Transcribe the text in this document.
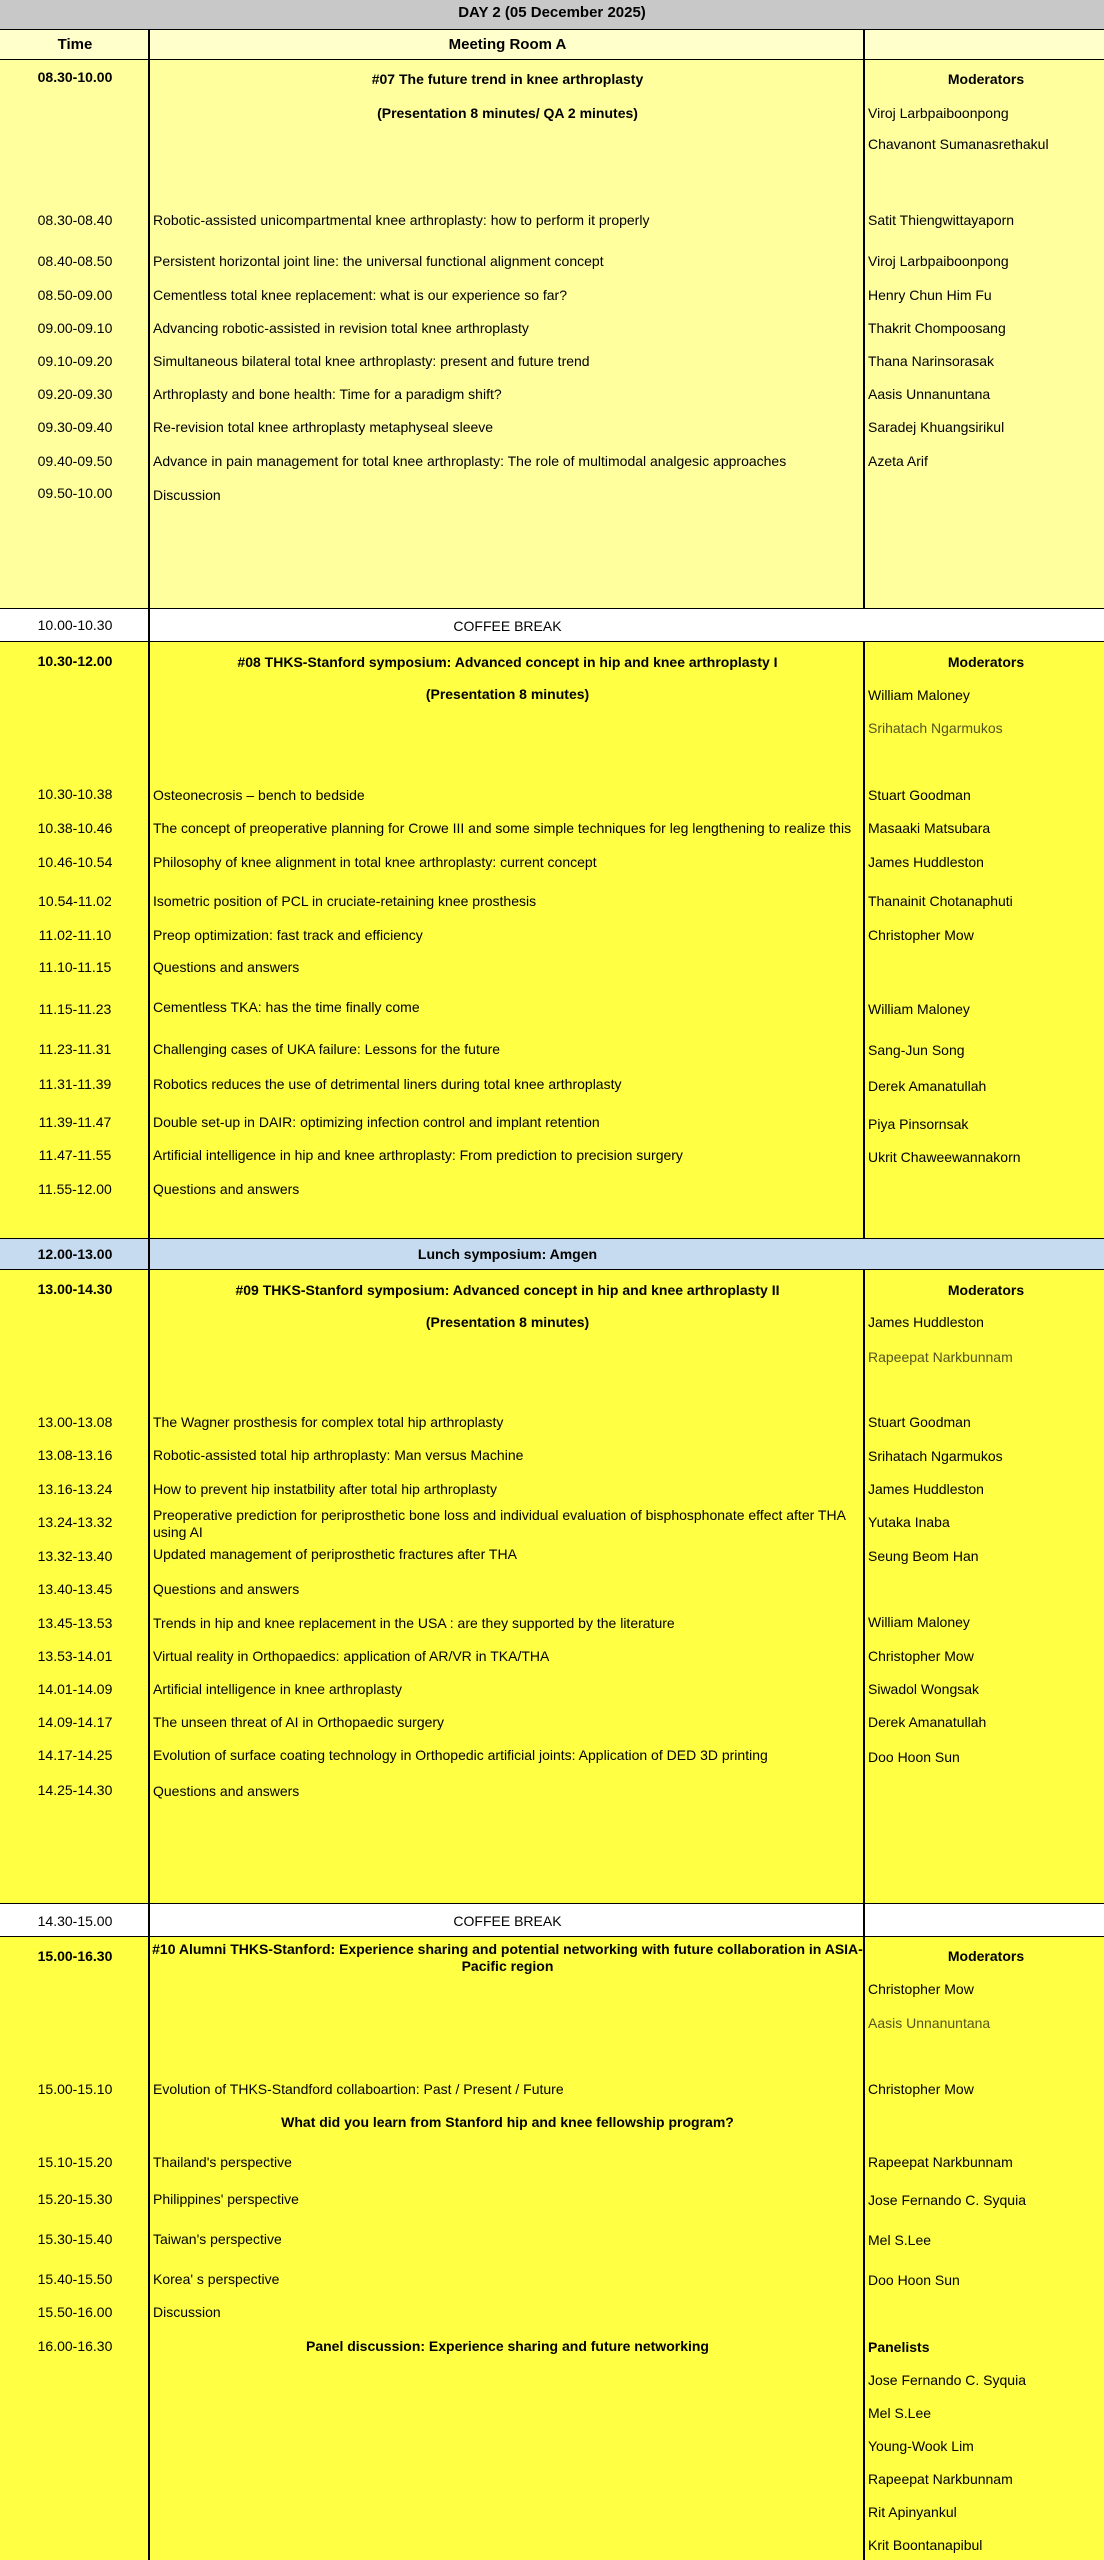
DAY 2 (05 December 2025)
Time	Meeting Room A
08.30-10.00	#07 The future trend in knee arthroplasty
(Presentation 8 minutes/ QA 2 minutes)
Moderators
Viroj Larbpaiboonpong
Chavanont Sumanasrethakul
08.30-08.40	Robotic-assisted unicompartmental knee arthroplasty: how to perform it properly	Satit Thiengwittayaporn
08.40-08.50	Persistent horizontal joint line: the universal functional alignment concept	Viroj Larbpaiboonpong
08.50-09.00	Cementless total knee replacement: what is our experience so far?	Henry Chun Him Fu
09.00-09.10	Advancing robotic-assisted in revision total knee arthroplasty	Thakrit Chompoosang
09.10-09.20	Simultaneous bilateral total knee arthroplasty: present and future trend	Thana Narinsorasak
09.20-09.30	Arthroplasty and bone health: Time for a paradigm shift?	Aasis Unnanuntana
09.30-09.40	Re-revision total knee arthroplasty metaphyseal sleeve	Saradej Khuangsirikul
09.40-09.50	Advance in pain management for total knee arthroplasty: The role of multimodal analgesic approaches	Azeta Arif
09.50-10.00	Discussion
10.00-10.30	COFFEE BREAK
10.30-12.00	#08 THKS-Stanford symposium: Advanced concept in hip and knee arthroplasty I
(Presentation 8 minutes)
Moderators
William Maloney
Srihatach Ngarmukos
10.30-10.38	Osteonecrosis – bench to bedside	Stuart Goodman
10.38-10.46	The concept of preoperative planning for Crowe III and some simple techniques for leg lengthening to realize this	Masaaki Matsubara
10.46-10.54	Philosophy of knee alignment in total knee arthroplasty: current concept	James Huddleston
10.54-11.02	Isometric position of PCL in cruciate-retaining knee prosthesis	Thanainit Chotanaphuti
11.02-11.10	Preop optimization: fast track and efficiency	Christopher Mow
11.10-11.15	Questions and answers
11.15-11.23	Cementless TKA: has the time finally come	William Maloney
11.23-11.31	Challenging cases of UKA failure: Lessons for the future	Sang-Jun Song
11.31-11.39	Robotics reduces the use of detrimental liners during total knee arthroplasty	Derek Amanatullah
11.39-11.47	Double set-up in DAIR: optimizing infection control and implant retention	Piya Pinsornsak
11.47-11.55	Artificial intelligence in hip and knee arthroplasty: From prediction to precision surgery	Ukrit Chaweewannakorn
11.55-12.00	Questions and answers
12.00-13.00	Lunch symposium: Amgen
13.00-14.30	#09 THKS-Stanford symposium: Advanced concept in hip and knee arthroplasty II
(Presentation 8 minutes)
Moderators
James Huddleston
Rapeepat Narkbunnam
13.00-13.08	The Wagner prosthesis for complex total hip arthroplasty	Stuart Goodman
13.08-13.16	Robotic-assisted total hip arthroplasty: Man versus Machine	Srihatach Ngarmukos
13.16-13.24	How to prevent hip instatbility after total hip arthroplasty	James Huddleston
13.24-13.32	Preoperative prediction for periprosthetic bone loss and individual evaluation of bisphosphonate effect after THA using AI
Yutaka Inaba
13.32-13.40	Updated management of periprosthetic fractures after THA	Seung Beom Han
13.40-13.45	Questions and answers
13.45-13.53	Trends in hip and knee replacement in the USA : are they supported by the literature	William Maloney
13.53-14.01	Virtual reality in Orthopaedics: application of AR/VR in TKA/THA	Christopher Mow
14.01-14.09	Artificial intelligence in knee arthroplasty	Siwadol Wongsak
14.09-14.17	The unseen threat of AI in Orthopaedic surgery	Derek Amanatullah
14.17-14.25	Evolution of surface coating technology in Orthopedic artificial joints: Application of DED 3D printing	Doo Hoon Sun
14.25-14.30	Questions and answers
14.30-15.00	COFFEE BREAK
15.00-16.30	#10 Alumni THKS-Stanford: Experience sharing and potential networking with future collaboration in ASIA-Pacific region
Moderators
Christopher Mow
Aasis Unnanuntana
15.00-15.10	Evolution of THKS-Standford collaboartion: Past / Present / Future	Christopher Mow
What did you learn from Stanford hip and knee fellowship program?
15.10-15.20	Thailand's perspective	Rapeepat Narkbunnam
15.20-15.30	Philippines' perspective	Jose Fernando C. Syquia
15.30-15.40	Taiwan's perspective	Mel S.Lee
15.40-15.50	Korea' s perspective	Doo Hoon Sun
15.50-16.00	Discussion
16.00-16.30	Panel discussion: Experience sharing and future networking	Panelists
Jose Fernando C. Syquia
Mel S.Lee
Young-Wook Lim
Rapeepat Narkbunnam
Rit Apinyankul
Krit Boontanapibul
